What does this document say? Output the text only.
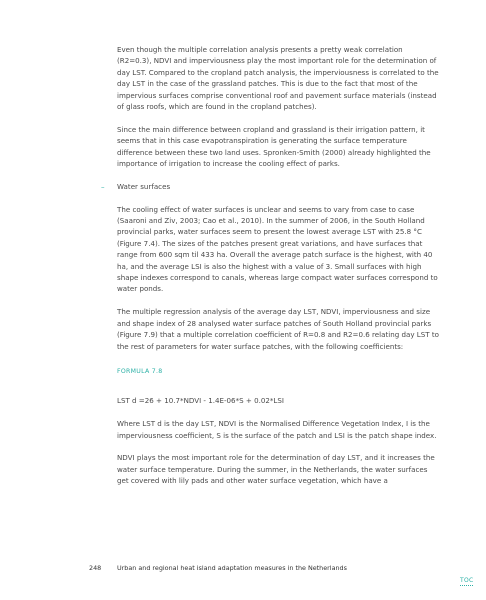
Even though the multiple correlation analysis presents a pretty weak correlation (R2=0.3), NDVI and imperviousness play the most important role for the determination of day LST. Compared to the cropland patch analysis, the imperviousness is correlated to the day LST in the case of the grassland patches. This is due to the fact that most of the impervious surfaces comprise conventional roof and pavement surface materials (instead of glass roofs, which are found in the cropland patches).

Since the main difference between cropland and grassland is their irrigation pattern, it seems that in this case evapotranspiration is generating the surface temperature difference between these two land uses. Spronken-Smith (2000) already highlighted the importance of irrigation to increase the cooling effect of parks.

– Water surfaces

The cooling effect of water surfaces is unclear and seems to vary from case to case (Saaroni and Ziv, 2003; Cao et al., 2010). In the summer of 2006, in the South Holland provincial parks, water surfaces seem to present the lowest average LST with 25.8 °C (Figure 7.4). The sizes of the patches present great variations, and have surfaces that range from 600 sqm til 433 ha. Overall the average patch surface is the highest, with 40 ha, and the average LSI is also the highest with a value of 3. Small surfaces with high shape indexes correspond to canals, whereas large compact water surfaces correspond to water ponds.

The multiple regression analysis of the average day LST, NDVI, imperviousness and size and shape index of 28 analysed water surface patches of South Holland provincial parks (Figure 7.9) that a multiple correlation coefficient of R=0.8 and R2=0.6 relating day LST to the rest of parameters for water surface patches, with the following coefficients:

FORMULA 7.8
LST d =26 + 10.7*NDVI - 1.4E-06*S + 0.02*LSI

Where LST d is the day LST, NDVI is the Normalised Difference Vegetation Index, I is the imperviousness coefficient, S is the surface of the patch and LSI is the patch shape index.

NDVI plays the most important role for the determination of day LST, and it increases the water surface temperature. During the summer, in the Netherlands, the water surfaces get covered with lily pads and other water surface vegetation, which have a

248 Urban and regional heat island adaptation measures in the Netherlands
TOC
